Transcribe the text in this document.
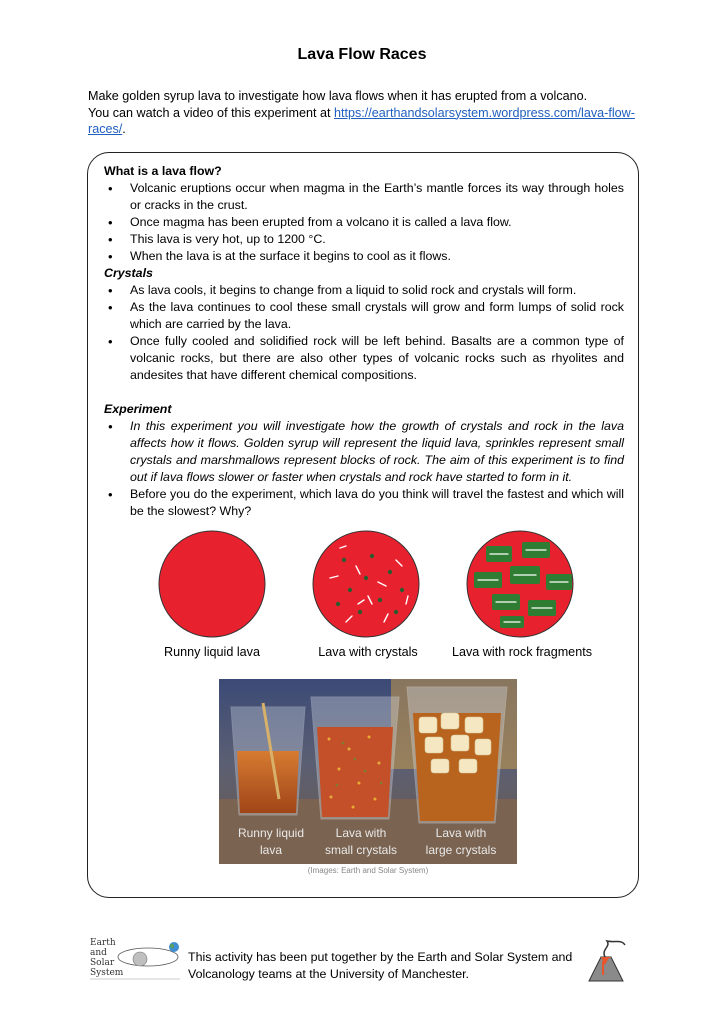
Lava Flow Races
Make golden syrup lava to investigate how lava flows when it has erupted from a volcano.
You can watch a video of this experiment at https://earthandsolarsystem.wordpress.com/lava-flow-races/.
What is a lava flow?
• Volcanic eruptions occur when magma in the Earth’s mantle forces its way through holes or cracks in the crust.
• Once magma has been erupted from a volcano it is called a lava flow.
• This lava is very hot, up to 1200 °C.
• When the lava is at the surface it begins to cool as it flows.
Crystals
• As lava cools, it begins to change from a liquid to solid rock and crystals will form.
• As the lava continues to cool these small crystals will grow and form lumps of solid rock which are carried by the lava.
• Once fully cooled and solidified rock will be left behind. Basalts are a common type of volcanic rocks, but there are also other types of volcanic rocks such as rhyolites and andesites that have different chemical compositions.
Experiment
• In this experiment you will investigate how the growth of crystals and rock in the lava affects how it flows. Golden syrup will represent the liquid lava, sprinkles represent small crystals and marshmallows represent blocks of rock. The aim of this experiment is to find out if lava flows slower or faster when crystals and rock have started to form in it.
• Before you do the experiment, which lava do you think will travel the fastest and which will be the slowest? Why?
Runny liquid lava	Lava with crystals	Lava with rock fragments
Runny liquid
lava
Lava with
small crystals
Lava with
large crystals
(Images: Earth and Solar System)
Earth
and
Solar
System
This activity has been put together by the Earth and Solar System and
Volcanology teams at the University of Manchester.
